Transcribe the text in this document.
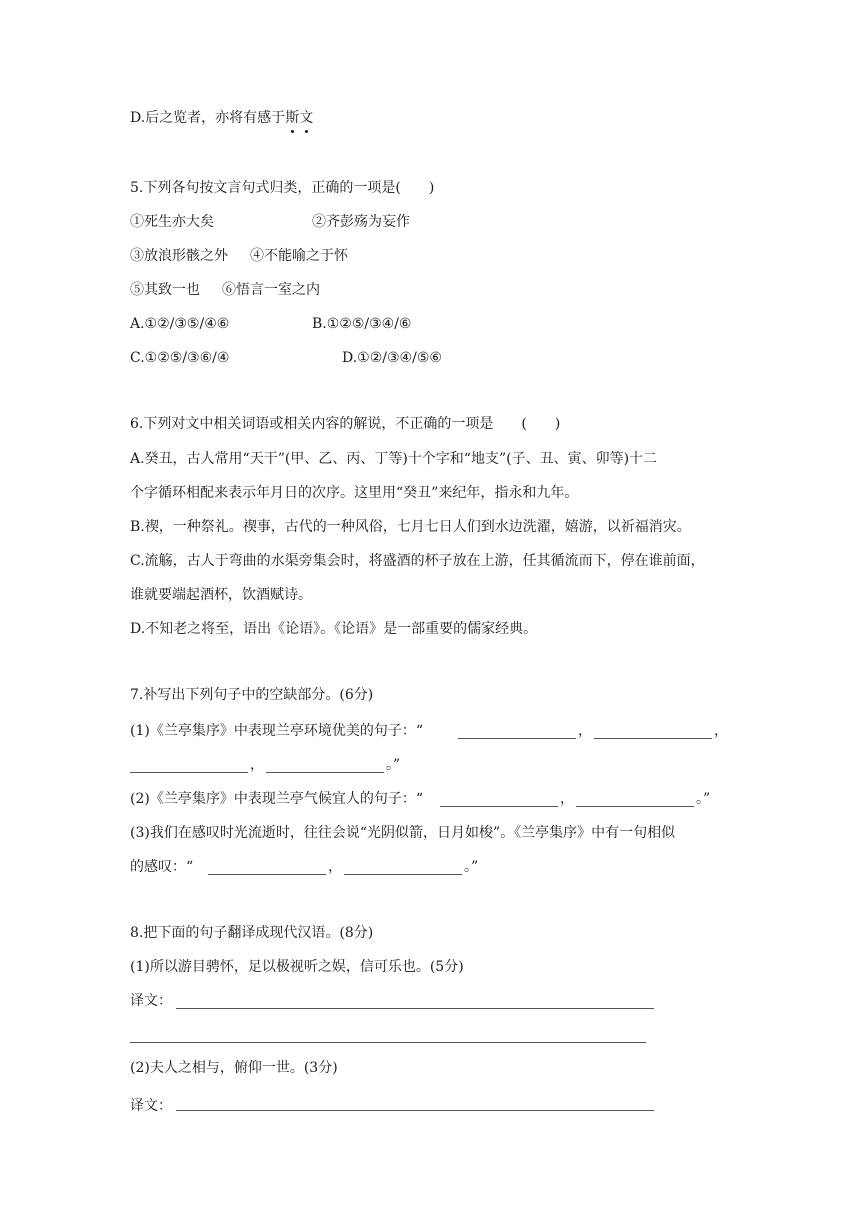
D.后之览者，亦将有感于斯文
5.下列各句按文言句式归类，正确的一项是(　　)
①死生亦大矣	②齐彭殇为妄作
③放浪形骸之外 ④不能喻之于怀
⑤其致一也 ⑥悟言一室之内
A.①②/③⑤/④⑥	B.①②⑤/③④/⑥
C.①②⑤/③⑥/④	D.①②/③④/⑤⑥
6.下列对文中相关词语或相关内容的解说，不正确的一项是　　(　　)
A.癸丑，古人常用“天干”(甲、乙、丙、丁等)十个字和“地支”(子、丑、寅、卯等)十二
个字循环相配来表示年月日的次序。这里用“癸丑”来纪年，指永和九年。
B.禊，一种祭礼。禊事，古代的一种风俗，七月七日人们到水边洗濯，嬉游，以祈福消灾。
C.流觞，古人于弯曲的水渠旁集会时，将盛酒的杯子放在上游，任其循流而下，停在谁前面，
谁就要端起酒杯，饮酒赋诗。
D.不知老之将至，语出《论语》。《论语》是一部重要的儒家经典。
7.补写出下列句子中的空缺部分。(6分)
(1)《兰亭集序》中表现兰亭环境优美的句子：“	，	，
，	。”
(2)《兰亭集序》中表现兰亭气候宜人的句子：“	，	。”
(3)我们在感叹时光流逝时，往往会说“光阴似箭，日月如梭”。《兰亭集序》中有一句相似
的感叹：“	，	。”
8.把下面的句子翻译成现代汉语。(8分)
(1)所以游目骋怀，足以极视听之娱，信可乐也。(5分)
译文：
(2)夫人之相与，俯仰一世。(3分)
译文：
